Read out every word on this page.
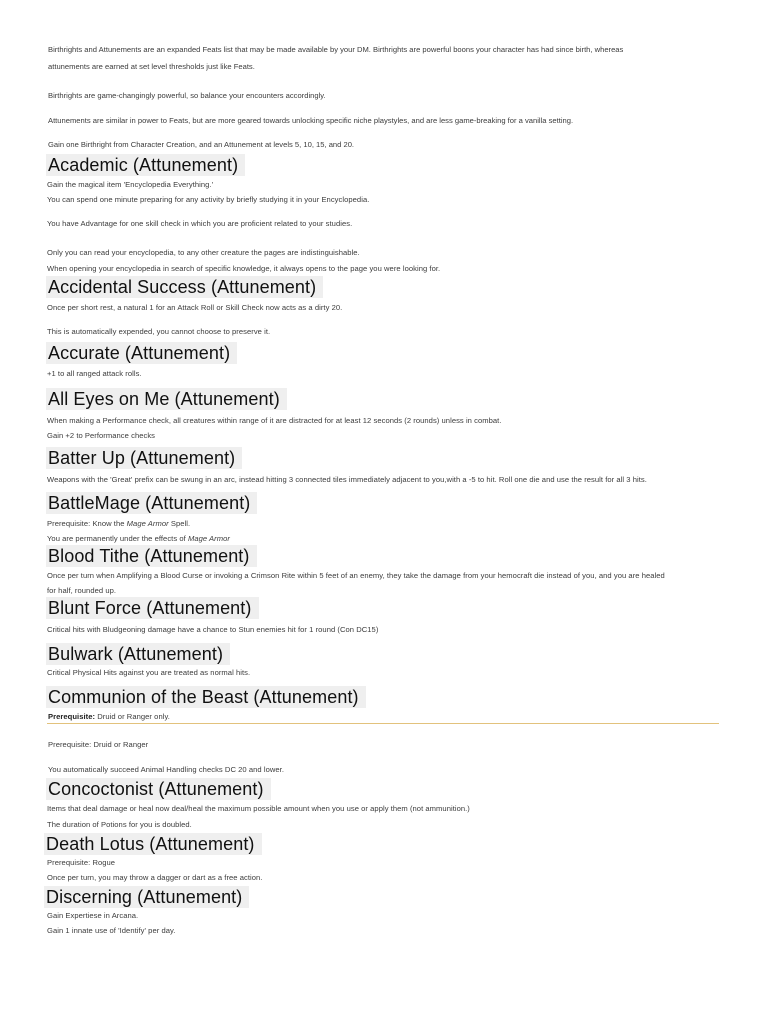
Birthrights and Attunements are an expanded Feats list that may be made available by your DM. Birthrights are powerful boons your character has had since birth, whereas
attunements are earned at set level thresholds just like Feats.
Birthrights are game-changingly powerful, so balance your encounters accordingly.
Attunements are similar in power to Feats, but are more geared towards unlocking specific niche playstyles, and are less game-breaking for a vanilla setting.
Gain one Birthright from Character Creation, and an Attunement at levels 5, 10, 15, and 20.
Academic (Attunement)
Gain the magical item 'Encyclopedia Everything.'
You can spend one minute preparing for any activity by briefly studying it in your Encyclopedia.
You have Advantage for one skill check in which you are proficient related to your studies.
Only you can read your encyclopedia, to any other creature the pages are indistinguishable.
When opening your encyclopedia in search of specific knowledge, it always opens to the page you were looking for.
Accidental Success (Attunement)
Once per short rest, a natural 1 for an Attack Roll or Skill Check now acts as a dirty 20.
This is automatically expended, you cannot choose to preserve it.
Accurate (Attunement)
+1 to all ranged attack rolls.
All Eyes on Me (Attunement)
When making a Performance check, all creatures within range of it are distracted for at least 12 seconds (2 rounds) unless in combat.
Gain +2 to Performance checks
Batter Up (Attunement)
Weapons with the 'Great' prefix can be swung in an arc, instead hitting 3 connected tiles immediately adjacent to you,with a -5 to hit. Roll one die and use the result for all 3 hits.
BattleMage (Attunement)
Prerequisite: Know the Mage Armor Spell.
You are permanently under the effects of Mage Armor
Blood Tithe (Attunement)
Once per turn when Amplifying a Blood Curse or invoking a Crimson Rite within 5 feet of an enemy, they take the damage from your hemocraft die instead of you, and you are healed
for half, rounded up.
Blunt Force (Attunement)
Critical hits with Bludgeoning damage have a chance to Stun enemies hit for 1 round (Con DC15)
Bulwark (Attunement)
Critical Physical Hits against you are treated as normal hits.
Communion of the Beast (Attunement)
Prerequisite: Druid or Ranger only.
Prerequisite: Druid or Ranger
You automatically succeed Animal Handling checks DC 20 and lower.
Concoctonist (Attunement)
Items that deal damage or heal now deal/heal the maximum possible amount when you use or apply them (not ammunition.)
The duration of Potions for you is doubled.
Death Lotus (Attunement)
Prerequisite: Rogue
Once per turn, you may throw a dagger or dart as a free action.
Discerning (Attunement)
Gain Expertiese in Arcana.
Gain 1 innate use of 'Identify' per day.
